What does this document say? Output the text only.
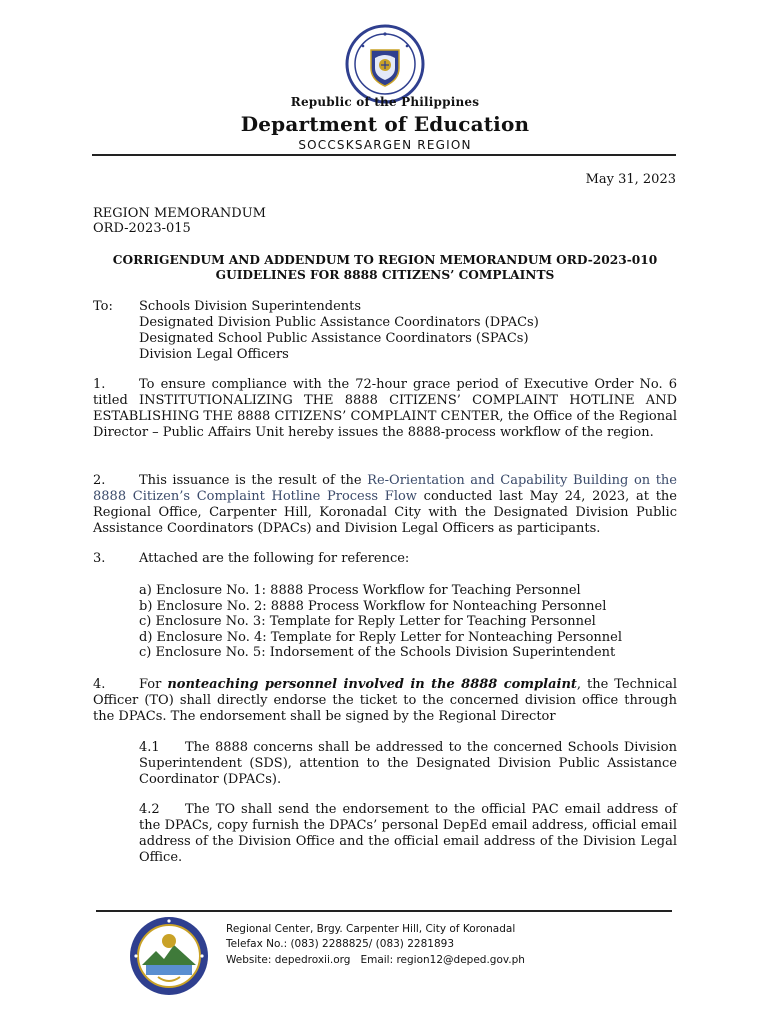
Republic of the Philippines
Department of Education
SOCCSKSARGEN REGION
May 31, 2023
REGION MEMORANDUM
ORD-2023-015
CORRIGENDUM AND ADDENDUM TO REGION MEMORANDUM ORD-2023-010
GUIDELINES FOR 8888 CITIZENS’ COMPLAINTS
To: Schools Division Superintendents
Designated Division Public Assistance Coordinators (DPACs)
Designated School Public Assistance Coordinators (SPACs)
Division Legal Officers
1.	To ensure compliance with the 72-hour grace period of Executive Order No. 6 titled INSTITUTIONALIZING THE 8888 CITIZENS’ COMPLAINT HOTLINE AND ESTABLISHING THE 8888 CITIZENS’ COMPLAINT CENTER, the Office of the Regional Director – Public Affairs Unit hereby issues the 8888-process workflow of the region.
2.	This issuance is the result of the Re-Orientation and Capability Building on the 8888 Citizen’s Complaint Hotline Process Flow conducted last May 24, 2023, at the Regional Office, Carpenter Hill, Koronadal City with the Designated Division Public Assistance Coordinators (DPACs) and Division Legal Officers as participants.
3.	Attached are the following for reference:
a) Enclosure No. 1: 8888 Process Workflow for Teaching Personnel
b) Enclosure No. 2: 8888 Process Workflow for Nonteaching Personnel
c) Enclosure No. 3: Template for Reply Letter for Teaching Personnel
d) Enclosure No. 4: Template for Reply Letter for Nonteaching Personnel
c) Enclosure No. 5: Indorsement of the Schools Division Superintendent
4.	For nonteaching personnel involved in the 8888 complaint, the Technical Officer (TO) shall directly endorse the ticket to the concerned division office through the DPACs. The endorsement shall be signed by the Regional Director
4.1 The 8888 concerns shall be addressed to the concerned Schools Division Superintendent (SDS), attention to the Designated Division Public Assistance Coordinator (DPACs).
4.2 The TO shall send the endorsement to the official PAC email address of the DPACs, copy furnish the DPACs’ personal DepEd email address, official email address of the Division Office and the official email address of the Division Legal Office.
Regional Center, Brgy. Carpenter Hill, City of Koronadal
Telefax No.: (083) 2288825/ (083) 2281893
Website: depedroxii.org Email: region12@deped.gov.ph
